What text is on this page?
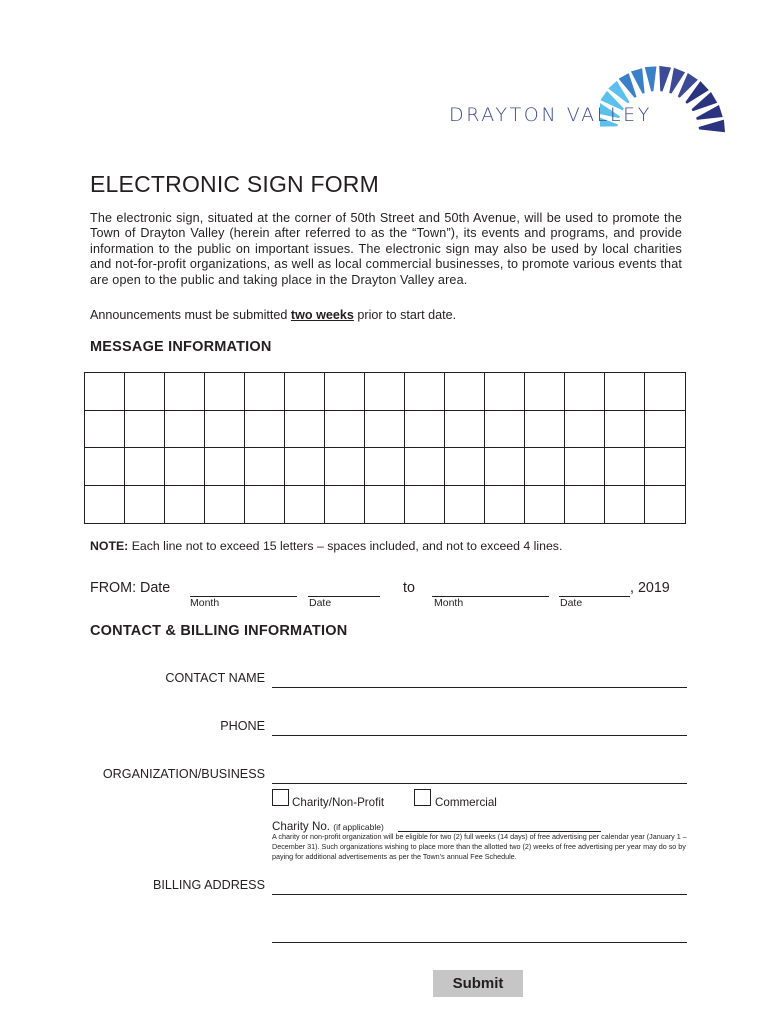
DRAYTON VALLEY
ELECTRONIC SIGN FORM
The electronic sign, situated at the corner of 50th Street and 50th Avenue, will be used to promote the Town of Drayton Valley (herein after referred to as the “Town”), its events and programs, and provide information to the public on important issues. The electronic sign may also be used by local charities and not-for-profit organizations, as well as local commercial businesses, to promote various events that are open to the public and taking place in the Drayton Valley area.
Announcements must be submitted two weeks prior to start date.
MESSAGE INFORMATION
NOTE: Each line not to exceed 15 letters – spaces included, and not to exceed 4 lines.
FROM: Date
Month	Date
to	, 2019
Month	Date
CONTACT & BILLING INFORMATION
CONTACT NAME
PHONE
ORGANIZATION/BUSINESS
Charity/Non-Profit	Commercial
Charity No. (if applicable)
A charity or non-profit organization will be eligible for two (2) full weeks (14 days) of free advertising per calendar year (January 1 – December 31). Such organizations wishing to place more than the allotted two (2) weeks of free advertising per year may do so by paying for additional advertisements as per the Town’s annual Fee Schedule.
BILLING ADDRESS
Submit
